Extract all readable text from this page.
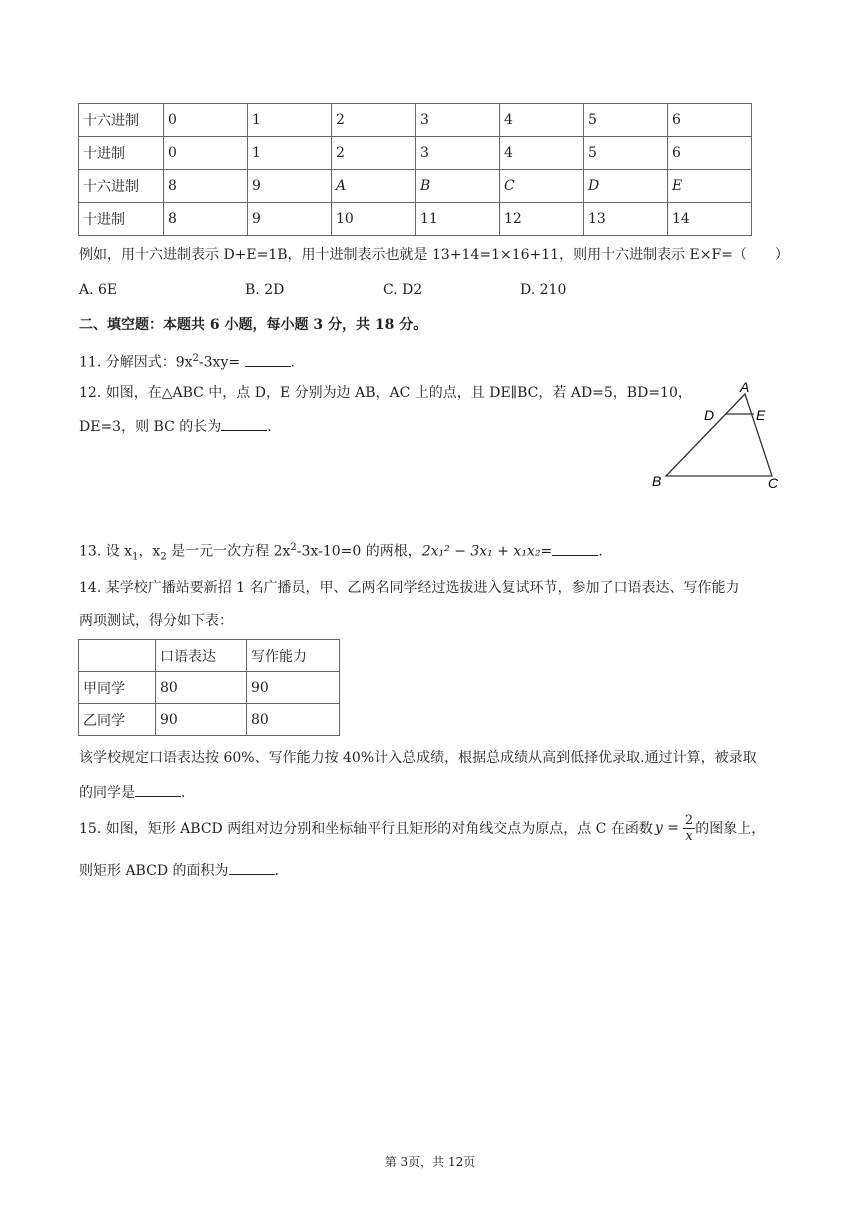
十六进制	0	1	2	3	4	5	6
十进制	0	1	2	3	4	5	6
十六进制	8	9	A	B	C	D	E
十进制	8	9	10	11	12	13	14
例如，用十六进制表示 D+E=1B，用十进制表示也就是 13+14=1×16+11，则用十六进制表示 E×F=（　　）
A. 6E	B. 2D	C. D2	D. 210
二、填空题：本题共 6 小题，每小题 3 分，共 18 分。
11. 分解因式：$9x^2-3xy=$	.
12. 如图，在△ABC 中，点 D，E 分别为边 AB，AC 上的点，且 DE∥BC，若 AD=5，BD=10，
DE=3，则 BC 的长为	.
A
D	E
B	C
13. 设 $x_1$，$x_2$ 是一元一次方程 $2x^2-3x-10=0$ 的两根，2x₁² − 3x₁ + x₁x₂=	.
14. 某学校广播站要新招 1 名广播员，甲、乙两名同学经过选拔进入复试环节，参加了口语表达、写作能力
两项测试，得分如下表：
	口语表达	写作能力
甲同学	80	90
乙同学	90	80
该学校规定口语表达按 60%、写作能力按 40%计入总成绩，根据总成绩从高到低择优录取.通过计算，被录取
的同学是	.
15. 如图，矩形 ABCD 两组对边分别和坐标轴平行且矩形的对角线交点为原点，点 C 在函数 $y = \frac{2}{x}$ 的图象上，
则矩形 ABCD 的面积为	.
第 3页，共 12页
